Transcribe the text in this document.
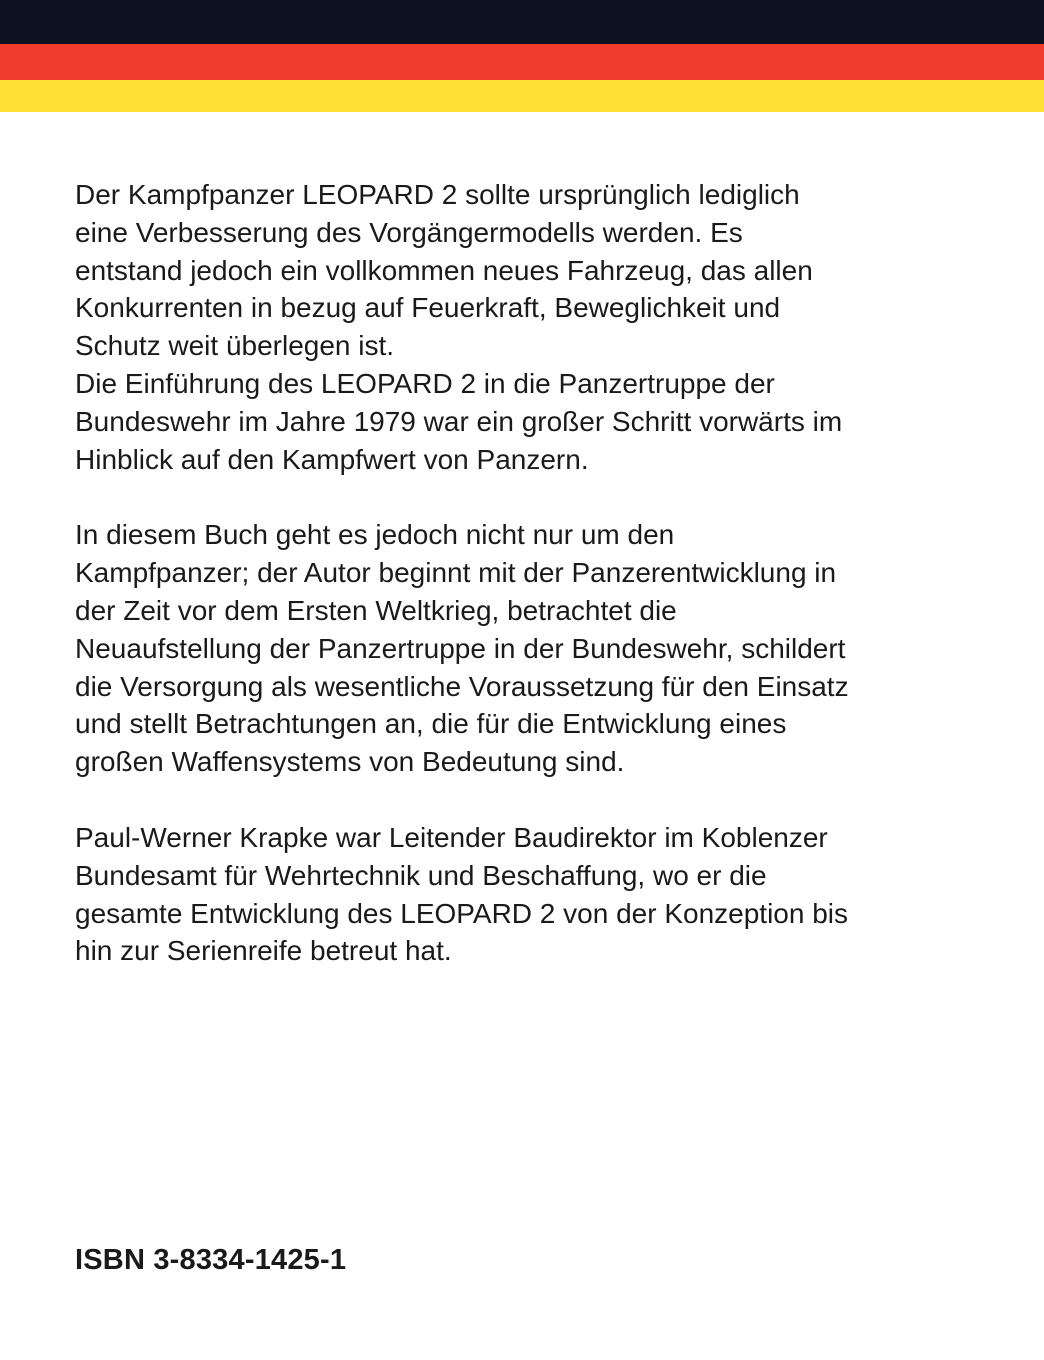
Der Kampfpanzer LEOPARD 2 sollte ursprünglich lediglich

eine Verbesserung des Vorgängermodells werden. Es

entstand jedoch ein vollkommen neues Fahrzeug, das allen

Konkurrenten in bezug auf Feuerkraft, Beweglichkeit und

Schutz weit überlegen ist.

Die Einführung des LEOPARD 2 in die Panzertruppe der

Bundeswehr im Jahre 1979 war ein großer Schritt vorwärts im

Hinblick auf den Kampfwert von Panzern.

In diesem Buch geht es jedoch nicht nur um den

Kampfpanzer; der Autor beginnt mit der Panzerentwicklung in

der Zeit vor dem Ersten Weltkrieg, betrachtet die

Neuaufstellung der Panzertruppe in der Bundeswehr, schildert

die Versorgung als wesentliche Voraussetzung für den Einsatz

und stellt Betrachtungen an, die für die Entwicklung eines

großen Waffensystems von Bedeutung sind.

Paul-Werner Krapke war Leitender Baudirektor im Koblenzer

Bundesamt für Wehrtechnik und Beschaffung, wo er die

gesamte Entwicklung des LEOPARD 2 von der Konzeption bis

hin zur Serienreife betreut hat.

ISBN 3-8334-1425-1
